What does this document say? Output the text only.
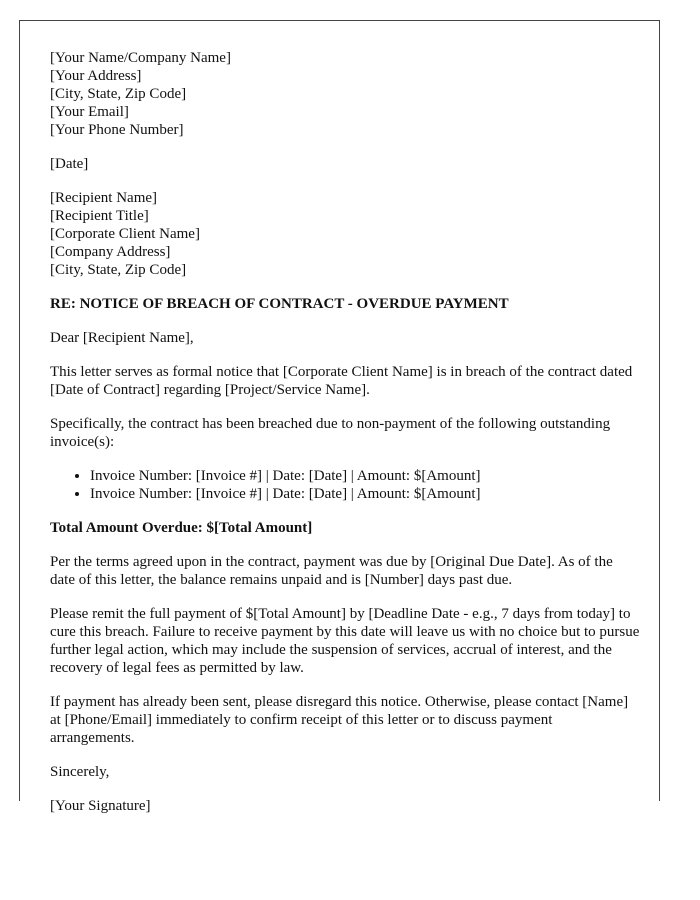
[Your Name/Company Name]
[Your Address]
[City, State, Zip Code]
[Your Email]
[Your Phone Number]
[Date]
[Recipient Name]
[Recipient Title]
[Corporate Client Name]
[Company Address]
[City, State, Zip Code]
RE: NOTICE OF BREACH OF CONTRACT - OVERDUE PAYMENT

Dear [Recipient Name],

This letter serves as formal notice that [Corporate Client Name] is in breach of the contract dated [Date of Contract] regarding [Project/Service Name].

Specifically, the contract has been breached due to non-payment of the following outstanding invoice(s):

• Invoice Number: [Invoice #] | Date: [Date] | Amount: $[Amount]
• Invoice Number: [Invoice #] | Date: [Date] | Amount: $[Amount]
Total Amount Overdue: $[Total Amount]

Per the terms agreed upon in the contract, payment was due by [Original Due Date]. As of the date of this letter, the balance remains unpaid and is [Number] days past due.

Please remit the full payment of $[Total Amount] by [Deadline Date - e.g., 7 days from today] to cure this breach. Failure to receive payment by this date will leave us with no choice but to pursue further legal action, which may include the suspension of services, accrual of interest, and the recovery of legal fees as permitted by law.

If payment has already been sent, please disregard this notice. Otherwise, please contact [Name] at [Phone/Email] immediately to confirm receipt of this letter or to discuss payment arrangements.

Sincerely,

[Your Signature]
